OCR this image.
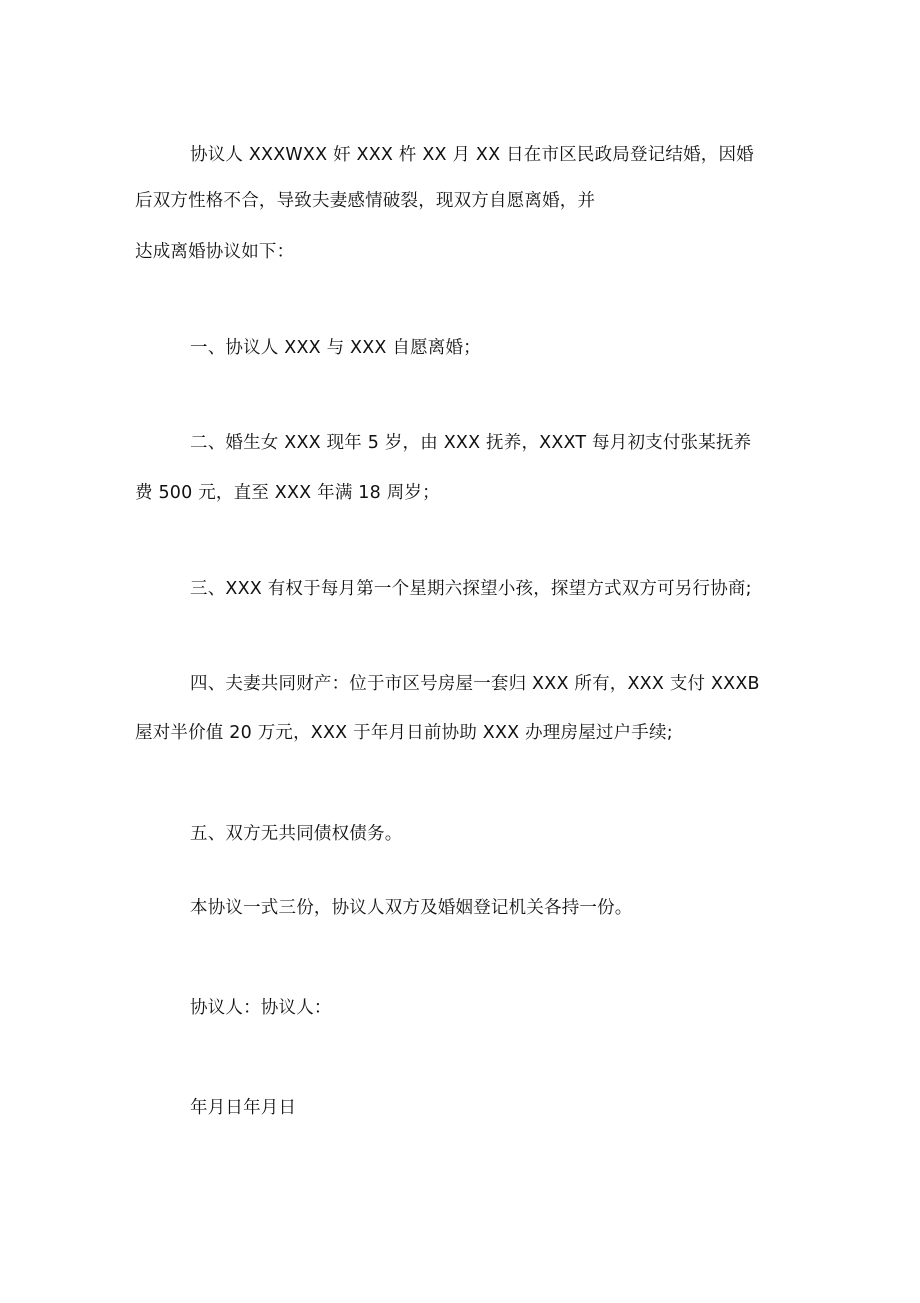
协议人 XXXWXX 奸 XXX 杵 XX 月 XX 日在市区民政局登记结婚，因婚
后双方性格不合，导致夫妻感情破裂，现双方自愿离婚，并
达成离婚协议如下：
一、协议人 XXX 与 XXX 自愿离婚；
二、婚生女 XXX 现年 5 岁，由 XXX 抚养，XXXT 每月初支付张某抚养
费 500 元，直至 XXX 年满 18 周岁；
三、XXX 有权于每月第一个星期六探望小孩，探望方式双方可另行协商;
四、夫妻共同财产：位于市区号房屋一套归 XXX 所有，XXX 支付 XXXB
屋对半价值 20 万元，XXX 于年月日前协助 XXX 办理房屋过户手续;
五、双方无共同债权债务。
本协议一式三份，协议人双方及婚姻登记机关各持一份。
协议人：协议人：
年月日年月日
